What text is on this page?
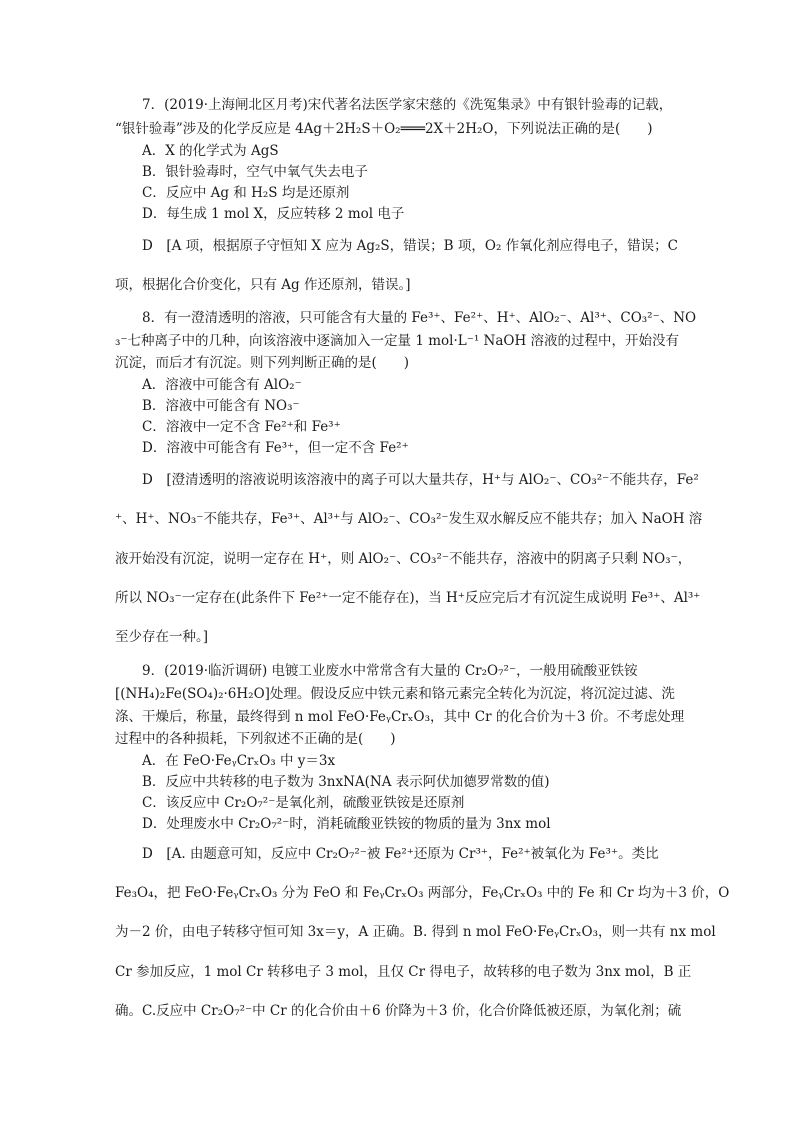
7．(2019·上海闸北区月考)宋代著名法医学家宋慈的《洗冤集录》中有银针验毒的记载，
“银针验毒”涉及的化学反应是 4Ag＋2H₂S＋O₂═══2X＋2H₂O，下列说法正确的是(　　)
A．X 的化学式为 AgS
B．银针验毒时，空气中氧气失去电子
C．反应中 Ag 和 H₂S 均是还原剂
D．每生成 1 mol X，反应转移 2 mol 电子
D　[A 项，根据原子守恒知 X 应为 Ag₂S，错误；B 项，O₂ 作氧化剂应得电子，错误；C
项，根据化合价变化，只有 Ag 作还原剂，错误。]
8．有一澄清透明的溶液，只可能含有大量的 Fe³⁺、Fe²⁺、H⁺、AlO₂⁻、Al³⁺、CO₃²⁻、NO
₃⁻七种离子中的几种，向该溶液中逐滴加入一定量 1 mol·L⁻¹ NaOH 溶液的过程中，开始没有
沉淀，而后才有沉淀。则下列判断正确的是(　　)
A．溶液中可能含有 AlO₂⁻
B．溶液中可能含有 NO₃⁻
C．溶液中一定不含 Fe²⁺和 Fe³⁺
D．溶液中可能含有 Fe³⁺，但一定不含 Fe²⁺
D　[澄清透明的溶液说明该溶液中的离子可以大量共存，H⁺与 AlO₂⁻、CO₃²⁻不能共存，Fe²
⁺、H⁺、NO₃⁻不能共存，Fe³⁺、Al³⁺与 AlO₂⁻、CO₃²⁻发生双水解反应不能共存；加入 NaOH 溶
液开始没有沉淀，说明一定存在 H⁺，则 AlO₂⁻、CO₃²⁻不能共存，溶液中的阴离子只剩 NO₃⁻，
所以 NO₃⁻一定存在(此条件下 Fe²⁺一定不能存在)，当 H⁺反应完后才有沉淀生成说明 Fe³⁺、Al³⁺
至少存在一种。]
9．(2019·临沂调研) 电镀工业废水中常常含有大量的 Cr₂O₇²⁻，一般用硫酸亚铁铵
[(NH₄)₂Fe(SO₄)₂·6H₂O]处理。假设反应中铁元素和铬元素完全转化为沉淀，将沉淀过滤、洗
涤、干燥后，称量，最终得到 n mol FeO·FeᵧCrₓO₃，其中 Cr 的化合价为＋3 价。不考虑处理
过程中的各种损耗，下列叙述不正确的是(　　)
A．在 FeO·FeᵧCrₓO₃ 中 y＝3x
B．反应中共转移的电子数为 3nxNA(NA 表示阿伏加德罗常数的值)
C．该反应中 Cr₂O₇²⁻是氧化剂，硫酸亚铁铵是还原剂
D．处理废水中 Cr₂O₇²⁻时，消耗硫酸亚铁铵的物质的量为 3nx mol
D　[A. 由题意可知，反应中 Cr₂O₇²⁻被 Fe²⁺还原为 Cr³⁺，Fe²⁺被氧化为 Fe³⁺。类比
Fe₃O₄，把 FeO·FeᵧCrₓO₃ 分为 FeO 和 FeᵧCrₓO₃ 两部分，FeᵧCrₓO₃ 中的 Fe 和 Cr 均为＋3 价，O
为－2 价，由电子转移守恒可知 3x＝y，A 正确。B. 得到 n mol FeO·FeᵧCrₓO₃，则一共有 nx mol
Cr 参加反应，1 mol Cr 转移电子 3 mol，且仅 Cr 得电子，故转移的电子数为 3nx mol，B 正
确。C.反应中 Cr₂O₇²⁻中 Cr 的化合价由＋6 价降为＋3 价，化合价降低被还原，为氧化剂；硫
